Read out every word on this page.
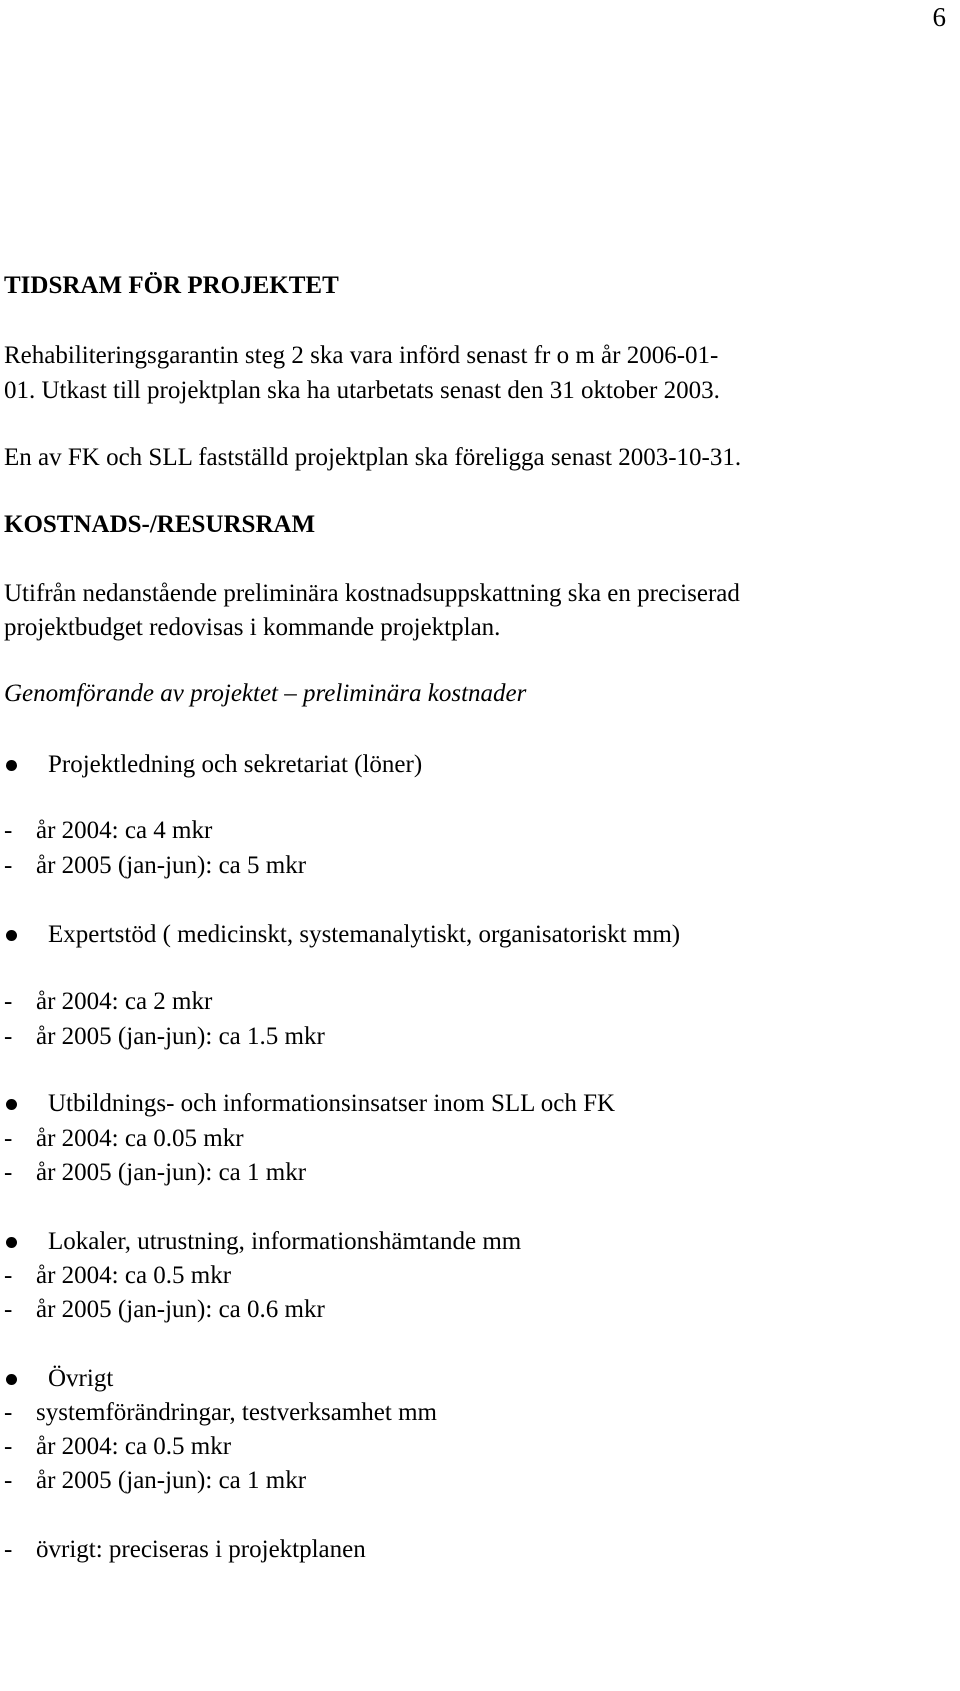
6
TIDSRAM FÖR PROJEKTET
Rehabiliteringsgarantin steg 2 ska vara införd senast fr o m år 2006-01-
01. Utkast till projektplan ska ha utarbetats senast den 31 oktober 2003.
En av FK och SLL fastställd projektplan ska föreligga senast 2003-10-31.
KOSTNADS-/RESURSRAM
Utifrån nedanstående preliminära kostnadsuppskattning ska en preciserad
projektbudget redovisas i kommande projektplan.
Genomförande av projektet – preliminära kostnader
Projektledning och sekretariat (löner)
- år 2004: ca 4 mkr
- år 2005 (jan-jun): ca 5 mkr
Expertstöd ( medicinskt, systemanalytiskt, organisatoriskt mm)
- år 2004: ca 2 mkr
- år 2005 (jan-jun): ca 1.5 mkr
Utbildnings- och informationsinsatser inom SLL och FK
- år 2004: ca 0.05 mkr
- år 2005 (jan-jun): ca 1 mkr
Lokaler, utrustning, informationshämtande mm
- år 2004: ca 0.5 mkr
- år 2005 (jan-jun): ca 0.6 mkr
Övrigt
- systemförändringar, testverksamhet mm
- år 2004: ca 0.5 mkr
- år 2005 (jan-jun): ca 1 mkr
- övrigt: preciseras i projektplanen
